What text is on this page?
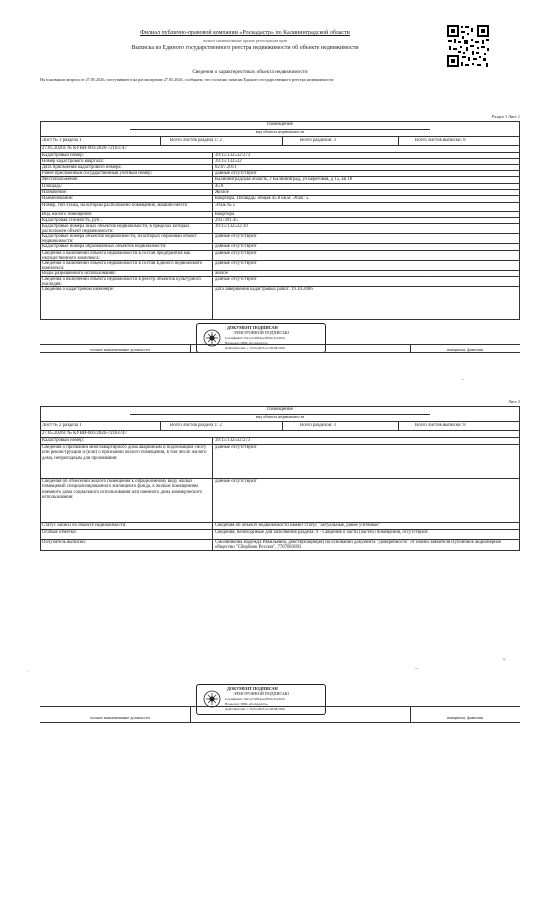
Филиал публично-правовой компании «Роскадастр» по Калининградской области
полное наименование органа регистрации прав
Выписка из Единого государственного реестра недвижимости об объекте недвижимости
Сведения о характеристиках объекта недвижимости
На основании запроса от 27.05.2026, поступившего на рассмотрение 27.05.2026, сообщаем, что согласно записям Единого государственного реестра недвижимости:
Раздел 1 Лист 1
Помещение
вид объекта недвижимости
Лист № 1 раздела 1	Всего листов раздела 1: 2	Всего разделов: 3	Всего листов выписки: 8
27.05.2026г. № КУВИ-001/2026-72163747
Кадастровый номер:	39:15:132532:273
Номер кадастрового квартала:	39:15:132532
Дата присвоения кадастрового номера:	02.07.2011
Ранее присвоенный государственный учетный номер:	данные отсутствуют
Местоположение:	Калининградская область, г Калининград, ул Береговая, д 15, кв 18
Площадь:	45.8
Назначение:	Жилое
Наименование:	Квартира. Площадь: общая 45.8 кв.м. Этаж: 5.
Номер, тип этажа, на котором расположено помещение, машино-место	Этаж № 5
Вид жилого помещения:	Квартира
Кадастровая стоимость, руб.:	2937281.45
Кадастровые номера иных объектов недвижимости, в пределах которых расположен объект недвижимости:
39:15:132532:39
Кадастровые номера объектов недвижимости, из которых образован объект недвижимости:
данные отсутствуют
Кадастровые номера образованных объектов недвижимости:	данные отсутствуют
Сведения о включении объекта недвижимости в состав предприятия как имущественного комплекса:
данные отсутствуют
Сведения о включении объекта недвижимости в состав Единого недвижимого комплекса:
данные отсутствуют
Виды разрешенного использования:	жилое
Сведения о включении объекта недвижимости в реестр объектов культурного наследия:
данные отсутствуют
Сведения о кадастровом инженере:	дата завершения кадастровых работ: 19.10.2006
ДОКУМЕНТ ПОДПИСАН
ЭЛЕКТРОННОЙ ПОДПИСЬЮ
Сертификат: 00c1a53f0f4ee2f9b2c3a1d0e5
Владелец: ППК «Роскадастр»
Действителен: с 15.05.2025 по 08.08.2026
полное наименование должности	инициалы, фамилия
Лист 2
Помещение
вид объекта недвижимости
Лист № 2 раздела 1	Всего листов раздела 1: 2	Всего разделов: 3	Всего листов выписки: 8
27.05.2026г. № КУВИ-001/2026-72163747
Кадастровый номер:	39:15:132532:273
Сведения о признании многоквартирного дома аварийным и подлежащим сносу или реконструкции и (или) о признании жилого помещения, в том числе жилого дома, непригодным для проживания:
данные отсутствуют
Сведения об отнесении жилого помещения к определенному виду жилых помещений специализированного жилищного фонда, к жилым помещениям наемного дома социального использования или наемного дома коммерческого использования:
данные отсутствуют
Статус записи об объекте недвижимости:	Сведения об объекте недвижимости имеют статус "актуальные, ранее учтенные"
Особые отметки:	Сведения, необходимые для заполнения раздела: 9 - Сведения о части (частях) помещения, отсутствуют.
Получатель выписки:	Смоляникова Надежда Равильевна, действующий(ая) на основании документа "Доверенность" от имени заявителя Публичное акционерное общество "Сбербанк России", 7707083893
ДОКУМЕНТ ПОДПИСАН
ЭЛЕКТРОННОЙ ПОДПИСЬЮ
Сертификат: 00c1a53f0f4ee2f9b2c3a1d0e5
Владелец: ППК «Роскадастр»
Действителен: с 15.05.2025 по 08.08.2026
полное наименование должности	инициалы, фамилия
–
-
-
≈
~
‚
